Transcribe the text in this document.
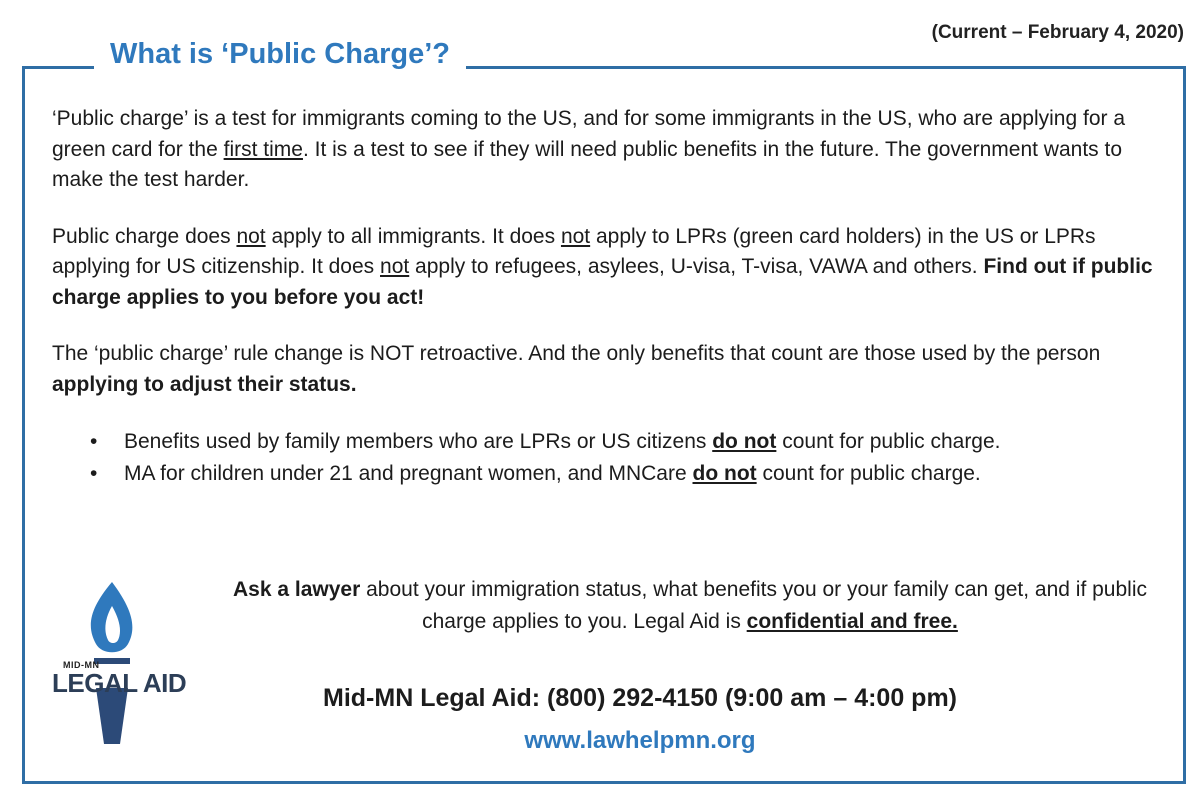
(Current – February 4, 2020)
What is ‘Public Charge’?

‘Public charge’ is a test for immigrants coming to the US, and for some immigrants in the US, who are applying for a green card for the first time. It is a test to see if they will need public benefits in the future. The government wants to make the test harder.

Public charge does not apply to all immigrants. It does not apply to LPRs (green card holders) in the US or LPRs applying for US citizenship. It does not apply to refugees, asylees, U-visa, T-visa, VAWA and others. Find out if public charge applies to you before you act!

The ‘public charge’ rule change is NOT retroactive. And the only benefits that count are those used by the person applying to adjust their status.

• Benefits used by family members who are LPRs or US citizens do not count for public charge.
• MA for children under 21 and pregnant women, and MNCare do not count for public charge.
MID-MN
LEGAL AID
Ask a lawyer about your immigration status, what benefits you or your family can get, and if public charge applies to you. Legal Aid is confidential and free.
Mid-MN Legal Aid: (800) 292-4150 (9:00 am – 4:00 pm)
www.lawhelpmn.org
